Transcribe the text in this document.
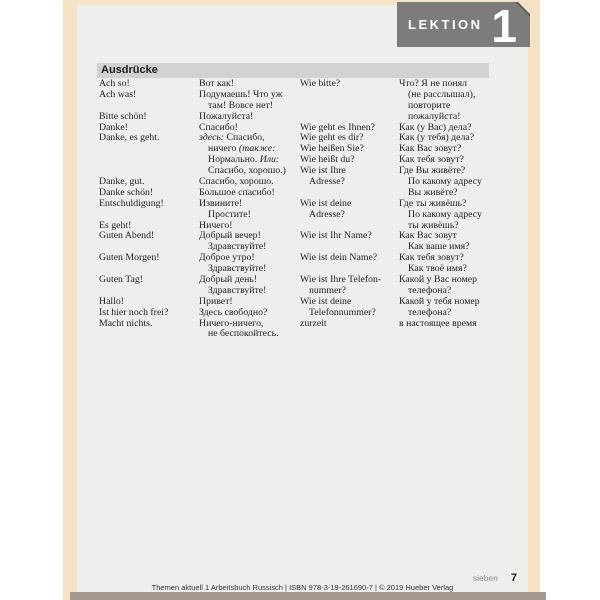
Ausdrücke
Ach so!
Ach was!

Bitte schön!
Danke!
Danke, es geht.

Danke, gut.
Danke schön!
Entschuldigung!

Es geht!
Guten Abend!

Guten Morgen!

Guten Tag!

Hallo!
Ist hier noch frei?
Macht nichts.
Вот как!
Подумаешь! Что уж
там! Вовсе нет!
Пожалуйста!
Спасибо!
здесь: Спасибо,
ничего (также:
Нормально. Или:
Спасибо, хорошо.)
Спасибо, хорошо.
Большое спасибо!
Извините!
Простите!
Ничего!
Добрый вечер!
Здравствуйте!
Доброе утро!
Здравствуйте!
Добрый день!
Здравствуйте!
Привет!
Здесь свободно?
Ничего-ничего,
не беспокойтесь.
Wie bitte?

Wie geht es Ihnen?
Wie geht es dir?
Wie heißen Sie?
Wie heißt du?
Wie ist Ihre
Adresse?

Wie ist deine
Adresse?

Wie ist Ihr Name?

Wie ist dein Name?

Wie ist Ihre Telefon-
nummer?
Wie ist deine
Telefonnummer?
zurzeit
Что? Я не понял
(не расслышал),
повторите
пожалуйста!
Как (у Вас) дела?
Как (у тебя) дела?
Как Вас зовут?
Как тебя зовут?
Где Вы живёте?
По какому адресу
Вы живёте?
Где ты живёшь?
По какому адресу
ты живёшь?
Как Вас зовут
Как ваше имя?
Как тебя зовут?
Как твоё имя?
Какой у Вас номер
телефона?
Какой у тебя номер
телефона?
в настоящее время
sieben 7
Themen aktuell 1 Arbeitsbuch Russisch | ISBN 978-3-19-261690-7 | © 2019 Hueber Verlag
LEKTION 1
